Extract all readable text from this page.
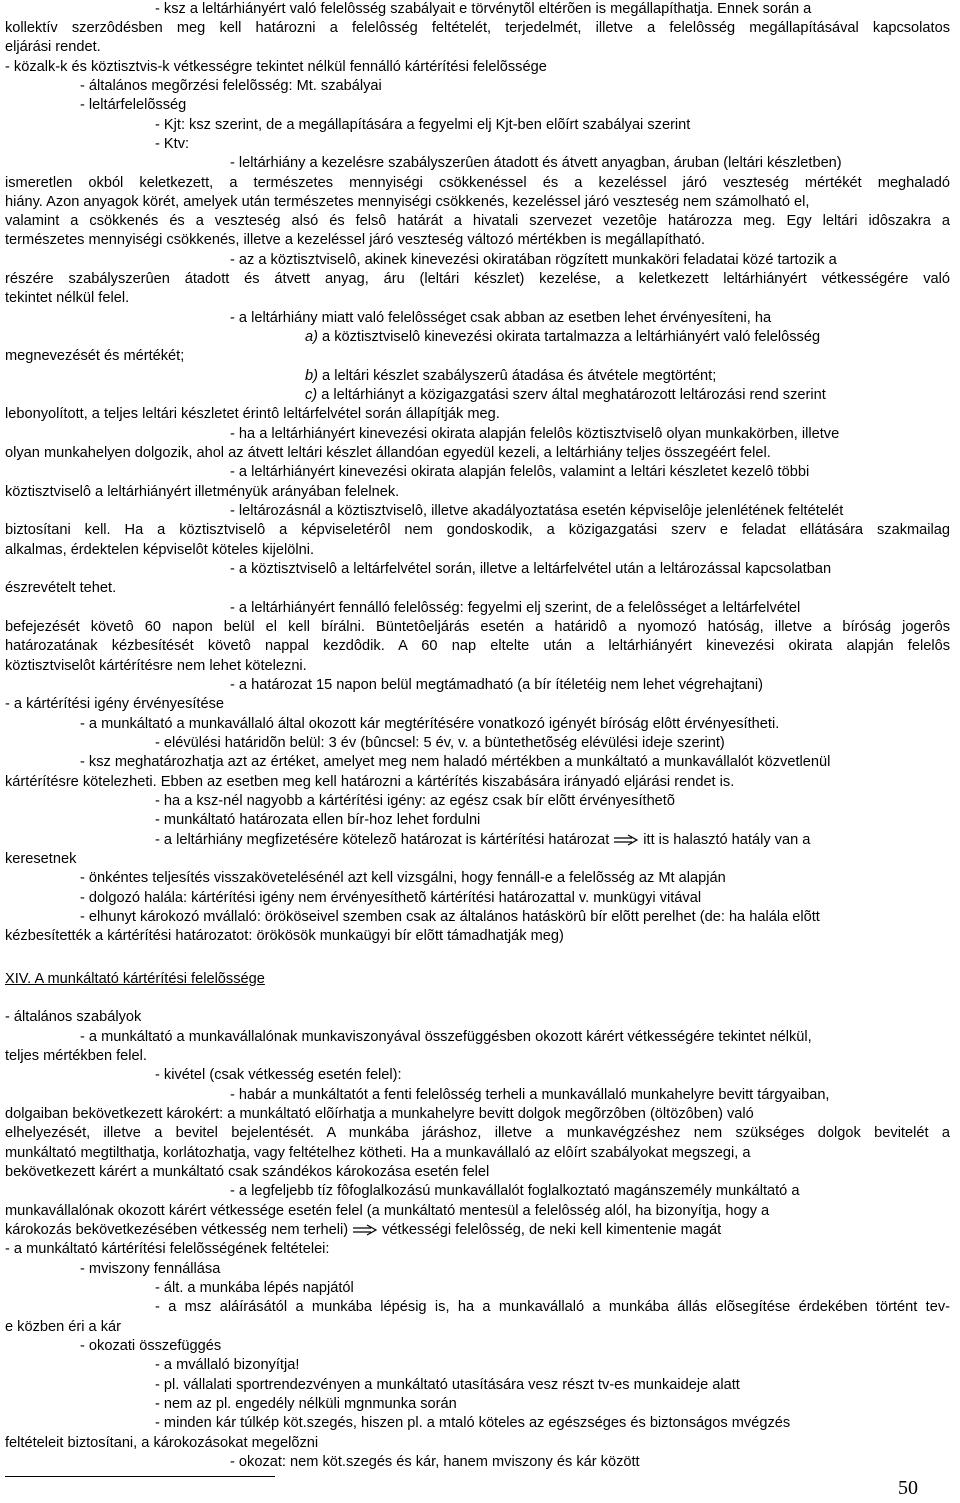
- ksz a leltárhiányért való felelôsség szabályait e törvénytõl eltérõen is megállapíthatja. Ennek során a
kollektív szerzôdésben meg kell határozni a felelôsség feltételét, terjedelmét, illetve a felelôsség megállapításával kapcsolatos
eljárási rendet.
- közalk-k és köztisztvis-k vétkességre tekintet nélkül fennálló kártérítési felelõssége
- általános megõrzési felelõsség: Mt. szabályai
- leltárfelelõsség
- Kjt: ksz szerint, de a megállapítására a fegyelmi elj Kjt-ben elõírt szabályai szerint
- Ktv:
- leltárhiány a kezelésre szabályszerûen átadott és átvett anyagban, áruban (leltári készletben)
ismeretlen okból keletkezett, a természetes mennyiségi csökkenéssel és a kezeléssel járó veszteség mértékét meghaladó
hiány. Azon anyagok körét, amelyek után természetes mennyiségi csökkenés, kezeléssel járó veszteség nem számolható el,
valamint a csökkenés és a veszteség alsó és felsô határát a hivatali szervezet vezetôje határozza meg. Egy leltári idôszakra a
természetes mennyiségi csökkenés, illetve a kezeléssel járó veszteség változó mértékben is megállapítható.
- az a köztisztviselô, akinek kinevezési okiratában rögzített munkaköri feladatai közé tartozik a
részére szabályszerûen átadott és átvett anyag, áru (leltári készlet) kezelése, a keletkezett leltárhiányért vétkességére való
tekintet nélkül felel.
- a leltárhiány miatt való felelôsséget csak abban az esetben lehet érvényesíteni, ha
a) a köztisztviselô kinevezési okirata tartalmazza a leltárhiányért való felelôsség
megnevezését és mértékét;
b) a leltári készlet szabályszerû átadása és átvétele megtörtént;
c) a leltárhiányt a közigazgatási szerv által meghatározott leltározási rend szerint
lebonyolított, a teljes leltári készletet érintô leltárfelvétel során állapítják meg.
- ha a leltárhiányért kinevezési okirata alapján felelôs köztisztviselô olyan munkakörben, illetve
olyan munkahelyen dolgozik, ahol az átvett leltári készlet állandóan egyedül kezeli, a leltárhiány teljes összegéért felel.
- a leltárhiányért kinevezési okirata alapján felelôs, valamint a leltári készletet kezelô többi
köztisztviselô a leltárhiányért illetményük arányában felelnek.
- leltározásnál a köztisztviselô, illetve akadályoztatása esetén képviselôje jelenlétének feltételét
biztosítani kell. Ha a köztisztviselô a képviseletérôl nem gondoskodik, a közigazgatási szerv e feladat ellátására szakmailag
alkalmas, érdektelen képviselôt köteles kijelölni.
- a köztisztviselô a leltárfelvétel során, illetve a leltárfelvétel után a leltározással kapcsolatban
észrevételt tehet.
- a leltárhiányért fennálló felelôsség: fegyelmi elj szerint, de a felelôsséget a leltárfelvétel
befejezését követô 60 napon belül el kell bírálni. Büntetôeljárás esetén a határidô a nyomozó hatóság, illetve a bíróság jogerôs
határozatának kézbesítését követô nappal kezdôdik. A 60 nap eltelte után a leltárhiányért kinevezési okirata alapján felelôs
köztisztviselôt kártérítésre nem lehet kötelezni.
- a határozat 15 napon belül megtámadható (a bír ítéletéig nem lehet végrehajtani)
- a kártérítési igény érvényesítése
- a munkáltató a munkavállaló által okozott kár megtérítésére vonatkozó igényét bíróság elôtt érvényesítheti.
- elévülési határidõn belül: 3 év (bûncsel: 5 év, v. a büntethetõség elévülési ideje szerint)
- ksz meghatározhatja azt az értéket, amelyet meg nem haladó mértékben a munkáltató a munkavállalót közvetlenül
kártérítésre kötelezheti. Ebben az esetben meg kell határozni a kártérítés kiszabására irányadó eljárási rendet is.
- ha a ksz-nél nagyobb a kártérítési igény: az egész csak bír elõtt érvényesíthetõ
- munkáltató határozata ellen bír-hoz lehet fordulni
- a leltárhiány megfizetésére kötelezõ határozat is kártérítési határozat itt is halasztó hatály van a
keresetnek
- önkéntes teljesítés visszakövetelésénél azt kell vizsgálni, hogy fennáll-e a felelõsség az Mt alapján
- dolgozó halála: kártérítési igény nem érvényesíthetõ kártérítési határozattal v. munkügyi vitával
- elhunyt károkozó mvállaló: örököseivel szemben csak az általános hatáskörû bír elõtt perelhet (de: ha halála elõtt
kézbesítették a kártérítési határozatot: örökösök munkaügyi bír elõtt támadhatják meg)
- általános szabályok
- a munkáltató a munkavállalónak munkaviszonyával összefüggésben okozott kárért vétkességére tekintet nélkül,
teljes mértékben felel.
- kivétel (csak vétkesség esetén felel):
- habár a munkáltatót a fenti felelôsség terheli a munkavállaló munkahelyre bevitt tárgyaiban,
dolgaiban bekövetkezett károkért: a munkáltató elõírhatja a munkahelyre bevitt dolgok megõrzôben (öltözôben) való
elhelyezését, illetve a bevitel bejelentését. A munkába járáshoz, illetve a munkavégzéshez nem szükséges dolgok bevitelét a
munkáltató megtilthatja, korlátozhatja, vagy feltételhez kötheti. Ha a munkavállaló az elôírt szabályokat megszegi, a
bekövetkezett kárért a munkáltató csak szándékos károkozása esetén felel
- a legfeljebb tíz fôfoglalkozású munkavállalót foglalkoztató magánszemély munkáltató a
munkavállalónak okozott kárért vétkessége esetén felel (a munkáltató mentesül a felelôsség alól, ha bizonyítja, hogy a
károkozás bekövetkezésében vétkesség nem terheli) vétkességi felelôsség, de neki kell kimentenie magát
- a munkáltató kártérítési felelõsségének feltételei:
- mviszony fennállása
- ált. a munkába lépés napjától
- a msz aláírásától a munkába lépésig is, ha a munkavállaló a munkába állás elõsegítése érdekében történt tev-
e közben éri a kár
- okozati összefüggés
- a mvállaló bizonyítja!
- pl. vállalati sportrendezvényen a munkáltató utasítására vesz részt tv-es munkaideje alatt
- nem az pl. engedély nélküli mgnmunka során
- minden kár túlkép köt.szegés, hiszen pl. a mtaló köteles az egészséges és biztonságos mvégzés
feltételeit biztosítani, a károkozásokat megelõzni
- okozat: nem köt.szegés és kár, hanem mviszony és kár között
XIV. A munkáltató kártérítési felelõssége
50
